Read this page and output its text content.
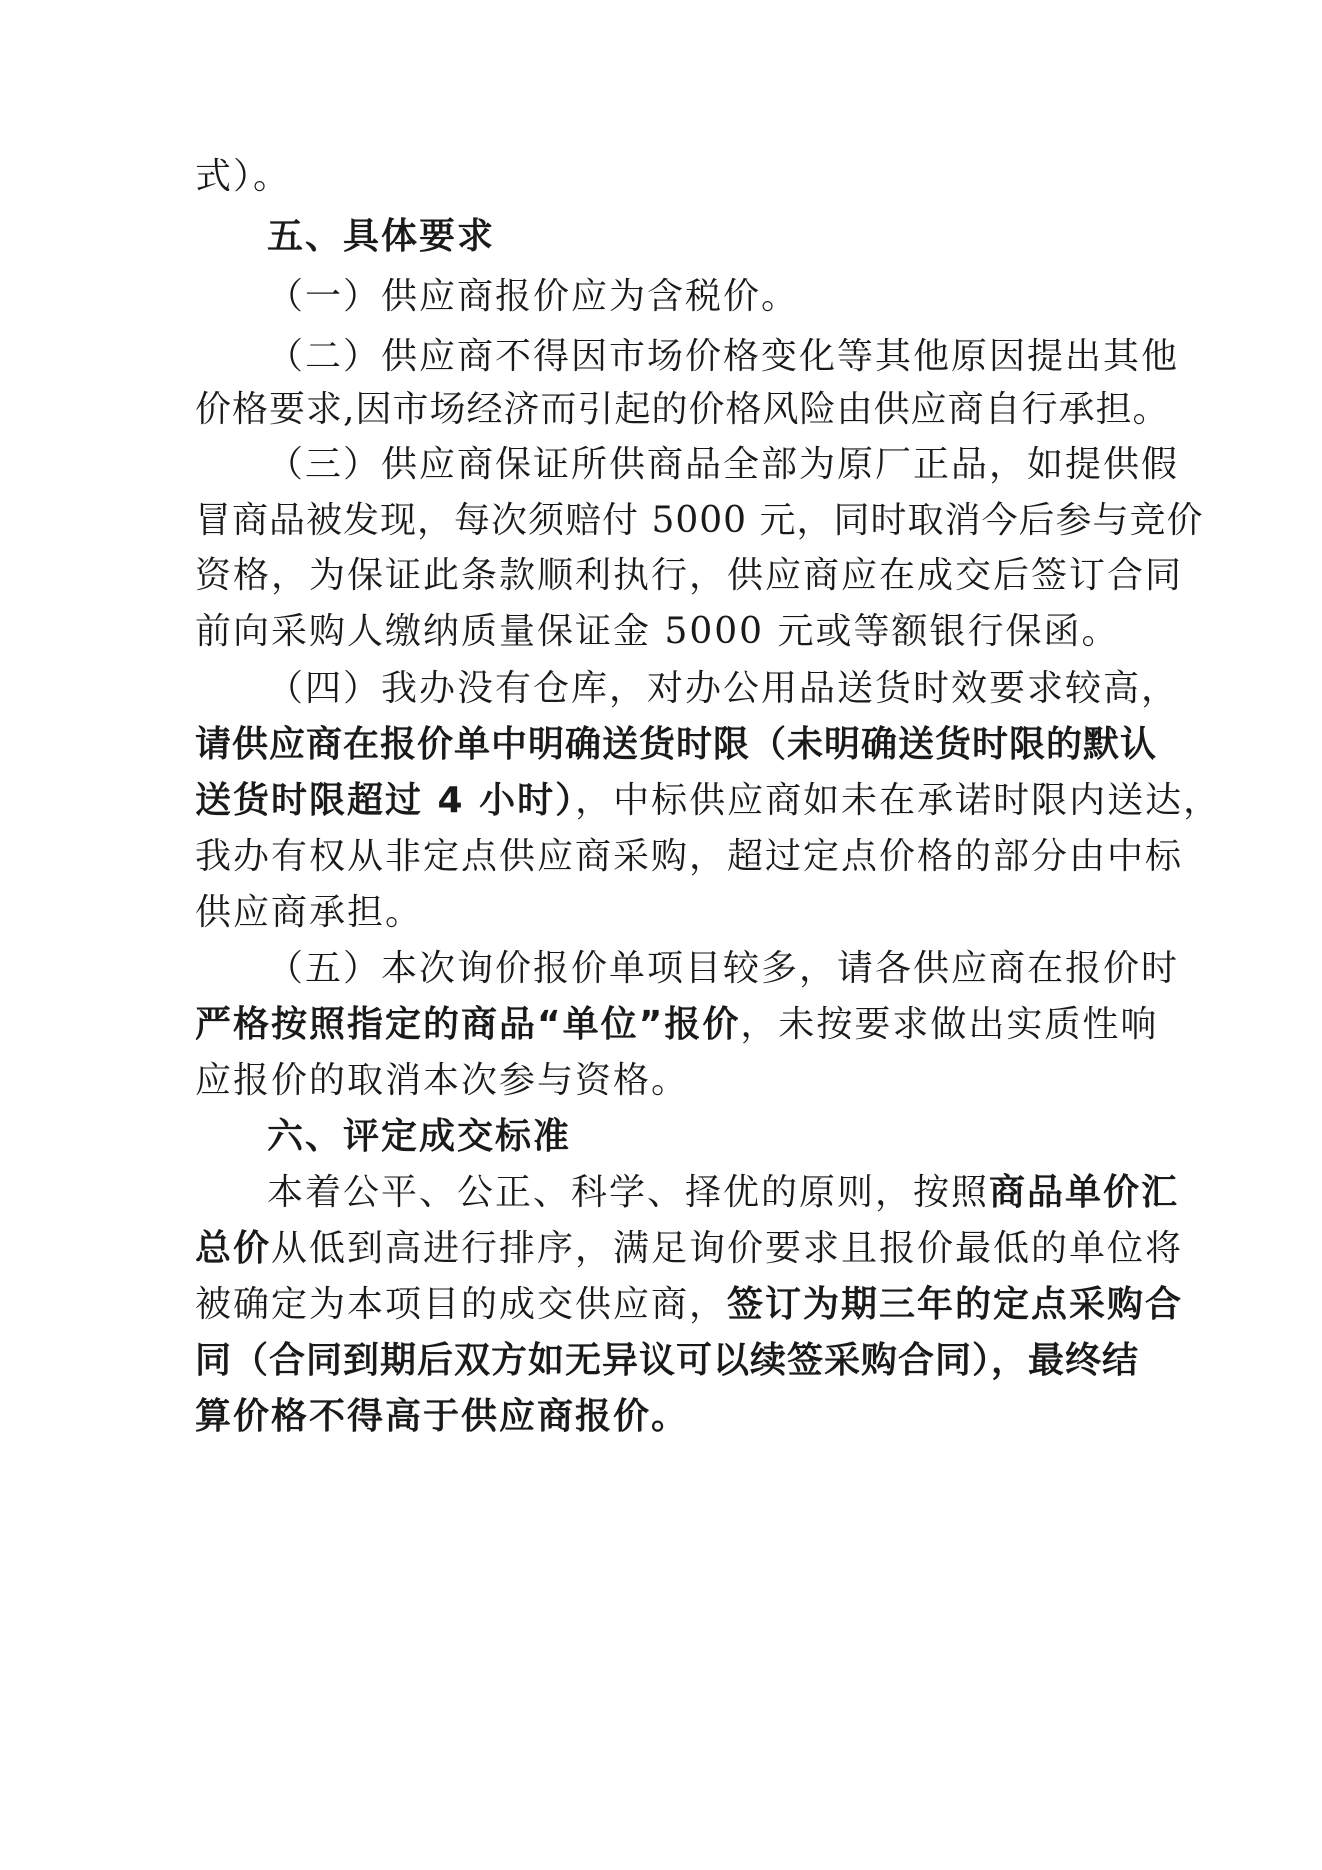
式）。
五、具体要求
（一）供应商报价应为含税价。
（二）供应商不得因市场价格变化等其他原因提出其他
价格要求,因市场经济而引起的价格风险由供应商自行承担。
（三）供应商保证所供商品全部为原厂正品，如提供假
冒商品被发现，每次须赔付 5000 元，同时取消今后参与竞价
资格，为保证此条款顺利执行，供应商应在成交后签订合同
前向采购人缴纳质量保证金 5000 元或等额银行保函。
（四）我办没有仓库，对办公用品送货时效要求较高，
请供应商在报价单中明确送货时限（未明确送货时限的默认
送货时限超过 4 小时），中标供应商如未在承诺时限内送达，
我办有权从非定点供应商采购，超过定点价格的部分由中标
供应商承担。
（五）本次询价报价单项目较多，请各供应商在报价时
严格按照指定的商品“单位”报价，未按要求做出实质性响
应报价的取消本次参与资格。
六、评定成交标准
本着公平、公正、科学、择优的原则，按照商品单价汇
总价从低到高进行排序，满足询价要求且报价最低的单位将
被确定为本项目的成交供应商，签订为期三年的定点采购合
同（合同到期后双方如无异议可以续签采购合同），最终结
算价格不得高于供应商报价。
